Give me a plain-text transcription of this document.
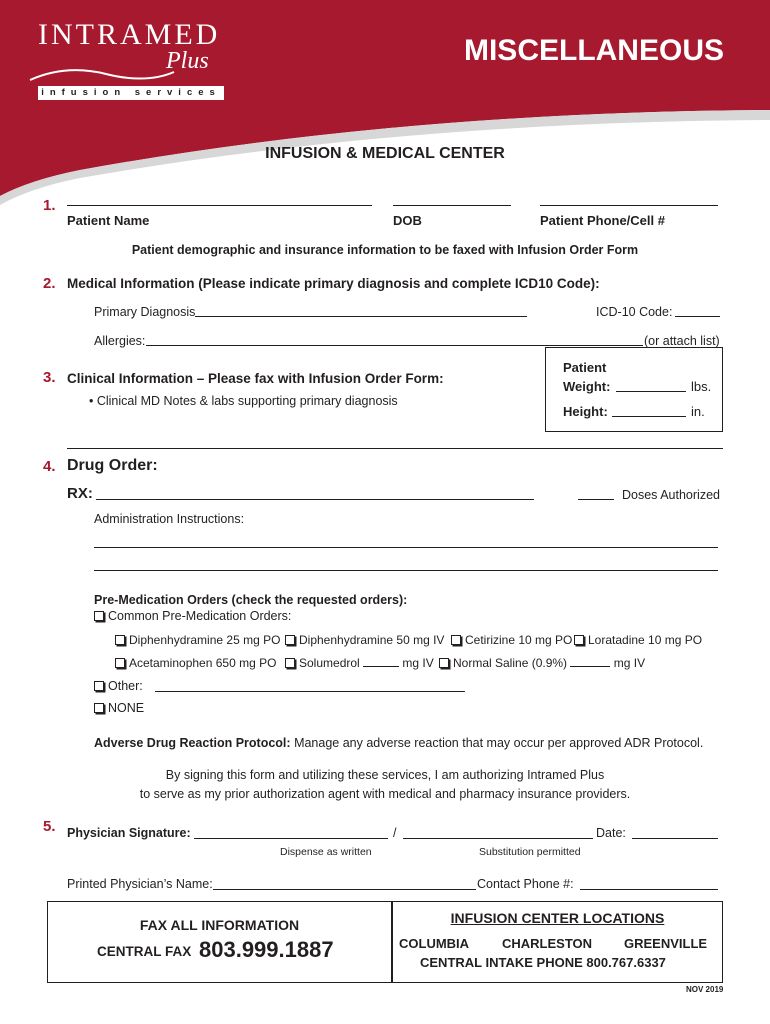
INTRAMED
Plus
infusion services
MISCELLANEOUS
INFUSION & MEDICAL CENTER
1.
Patient Name	DOB	Patient Phone/Cell #
Patient demographic and insurance information to be faxed with Infusion Order Form
2. Medical Information (Please indicate primary diagnosis and complete ICD10 Code):
Primary Diagnosis	ICD-10 Code:
Allergies:	(or attach list)
Patient
Weight:	lbs.
Height:	in.
3. Clinical Information – Please fax with Infusion Order Form:
• Clinical MD Notes & labs supporting primary diagnosis
4. Drug Order:
RX:	Doses Authorized
Administration Instructions:
Pre-Medication Orders (check the requested orders):
Common Pre-Medication Orders:
Diphenhydramine 25 mg PO	Diphenhydramine 50 mg IV	Cetirizine 10 mg PO	Loratadine 10 mg PO
Acetaminophen 650 mg PO	Solumedrol	mg IV	Normal Saline (0.9%)	mg IV
Other:
NONE
Adverse Drug Reaction Protocol: Manage any adverse reaction that may occur per approved ADR Protocol.
By signing this form and utilizing these services, I am authorizing Intramed Plus
to serve as my prior authorization agent with medical and pharmacy insurance providers.
5. Physician Signature:	/	Date:
Dispense as written	Substitution permitted
Printed Physician’s Name:	Contact Phone #:
FAX ALL INFORMATION
CENTRAL FAX 803.999.1887
INFUSION CENTER LOCATIONS
COLUMBIA	CHARLESTON GREENVILLE
CENTRAL INTAKE PHONE 800.767.6337
NOV 2019
